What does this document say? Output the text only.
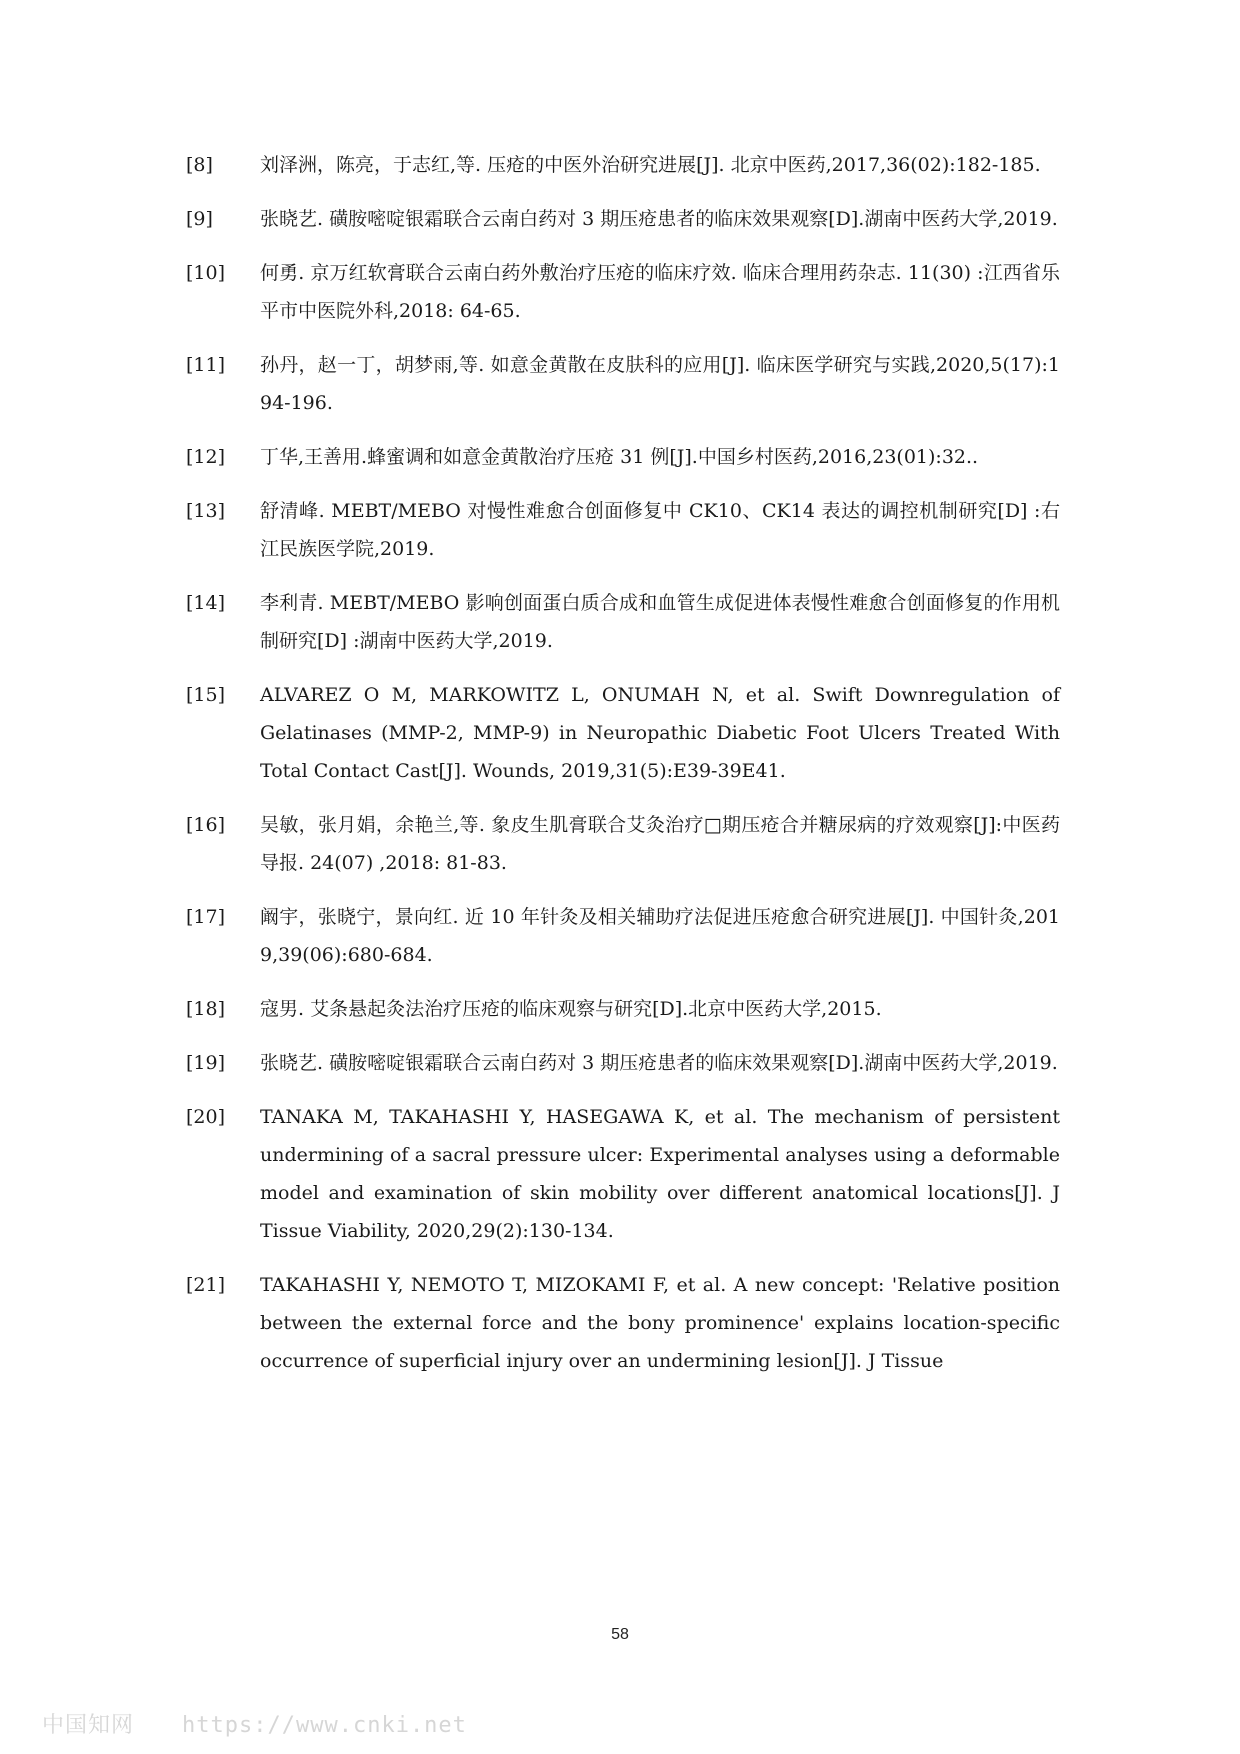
[8]	刘泽洲，陈亮，于志红,等. 压疮的中医外治研究进展[J]. 北京中医药,2017,36(02):182-185.
[9]	张晓艺. 磺胺嘧啶银霜联合云南白药对 3 期压疮患者的临床效果观察[D].湖南中医药大学,2019.
[10]	何勇. 京万红软膏联合云南白药外敷治疗压疮的临床疗效. 临床合理用药杂志. 11(30) :江西省乐平市中医院外科,2018: 64-65.
[11]	孙丹，赵一丁，胡梦雨,等. 如意金黄散在皮肤科的应用[J]. 临床医学研究与实践,2020,5(17):194-196.
[12]	丁华,王善用.蜂蜜调和如意金黄散治疗压疮 31 例[J].中国乡村医药,2016,23(01):32..
[13]	舒清峰. MEBT/MEBO 对慢性难愈合创面修复中 CK10、CK14 表达的调控机制研究[D] :右江民族医学院,2019.
[14]	李利青. MEBT/MEBO 影响创面蛋白质合成和血管生成促进体表慢性难愈合创面修复的作用机制研究[D] :湖南中医药大学,2019.
[15]	ALVAREZ O M, MARKOWITZ L, ONUMAH N, et al. Swift Downregulation of Gelatinases (MMP-2, MMP-9) in Neuropathic Diabetic Foot Ulcers Treated With Total Contact Cast[J]. Wounds, 2019,31(5):E39-39E41.
[16]	吴敏，张月娟，余艳兰,等. 象皮生肌膏联合艾灸治疗□期压疮合并糖尿病的疗效观察[J]:中医药导报. 24(07) ,2018: 81-83.
[17]	阚宇，张晓宁，景向红. 近 10 年针灸及相关辅助疗法促进压疮愈合研究进展[J]. 中国针灸,2019,39(06):680-684.
[18]	寇男. 艾条悬起灸法治疗压疮的临床观察与研究[D].北京中医药大学,2015.
[19]	张晓艺. 磺胺嘧啶银霜联合云南白药对 3 期压疮患者的临床效果观察[D].湖南中医药大学,2019.
[20]	TANAKA M, TAKAHASHI Y, HASEGAWA K, et al. The mechanism of persistent undermining of a sacral pressure ulcer: Experimental analyses using a deformable model and examination of skin mobility over different anatomical locations[J]. J Tissue Viability, 2020,29(2):130-134.
[21]	TAKAHASHI Y, NEMOTO T, MIZOKAMI F, et al. A new concept: 'Relative position between the external force and the bony prominence' explains location-specific occurrence of superficial injury over an undermining lesion[J]. J Tissue
58
中国知网 https://www.cnki.net
